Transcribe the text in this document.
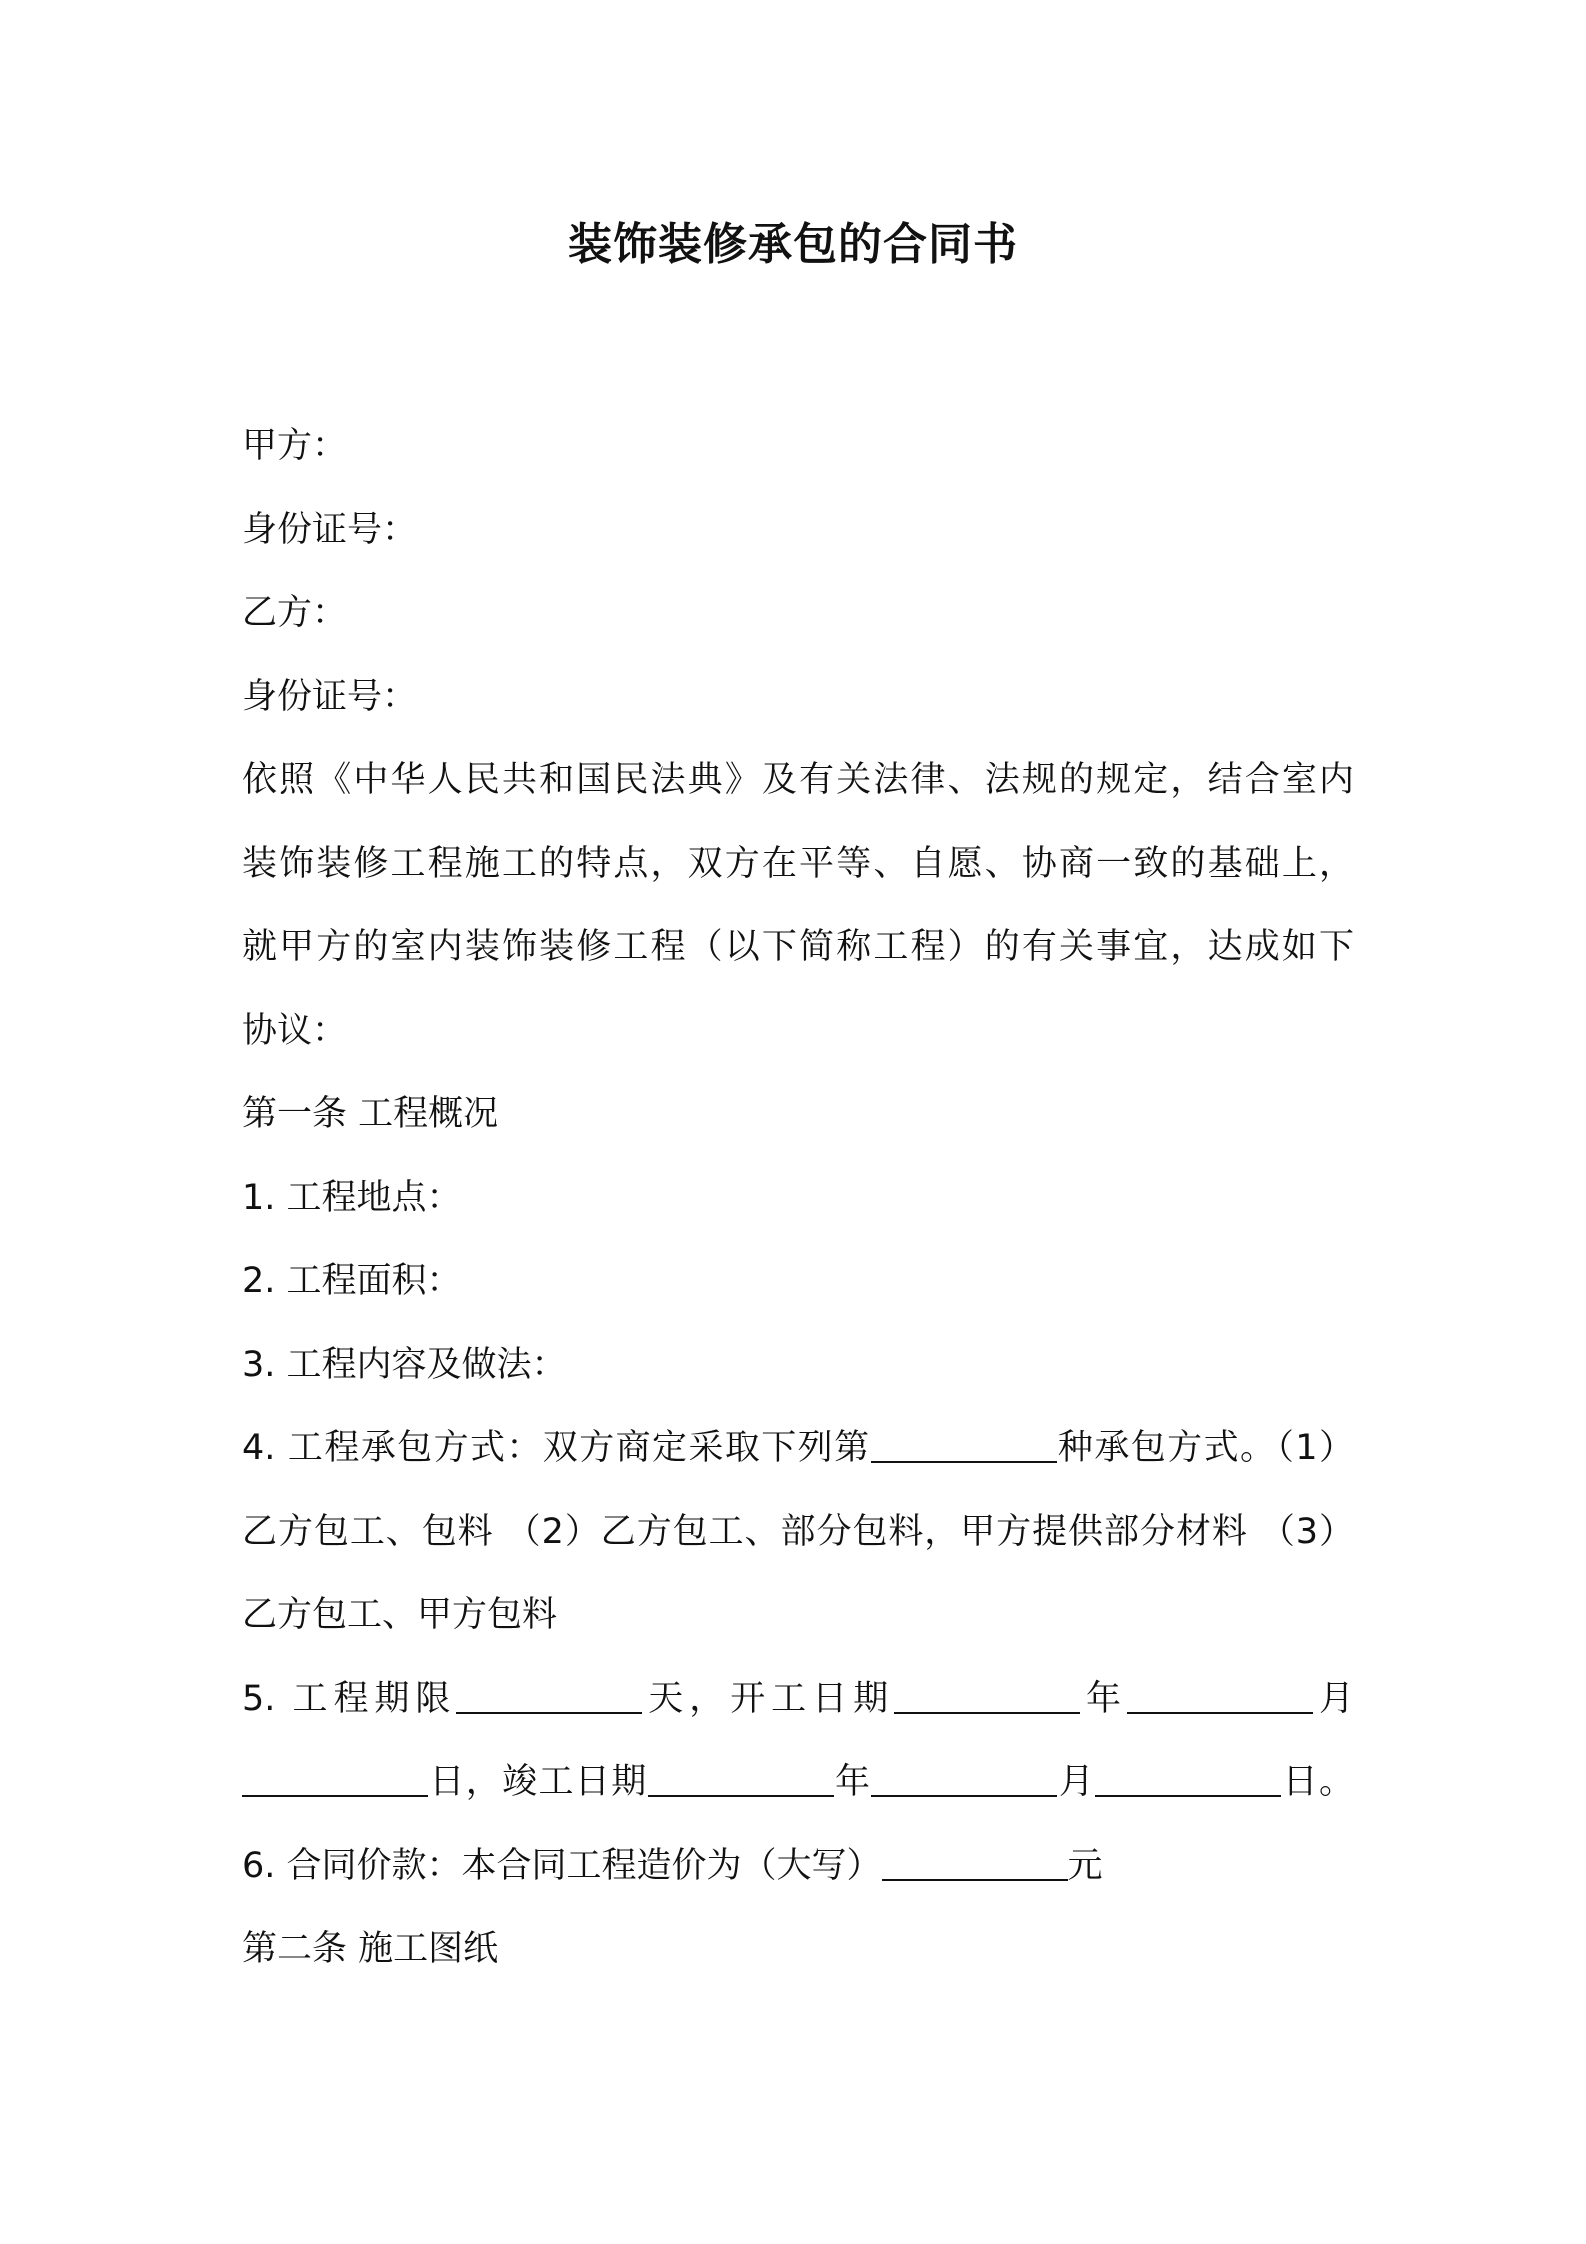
装饰装修承包的合同书
甲方：
身份证号：
乙方：
身份证号：
依照《中华人民共和国民法典》及有关法律、法规的规定，结合室内
装饰装修工程施工的特点，双方在平等、自愿、协商一致的基础上，
就甲方的室内装饰装修工程（以下简称工程）的有关事宜，达成如下
协议：
第一条 工程概况
1. 工程地点：
2. 工程面积：
3. 工程内容及做法：
4. 工程承包方式：双方商定采取下列第	种承包方式。（1）
乙方包工、包料 （2）乙方包工、部分包料，甲方提供部分材料 （3）
乙方包工、甲方包料
5. 工程期限	天，开工日期	年	月
日，竣工日期	年	月	日。
6. 合同价款：本合同工程造价为（大写）	元
第二条 施工图纸
